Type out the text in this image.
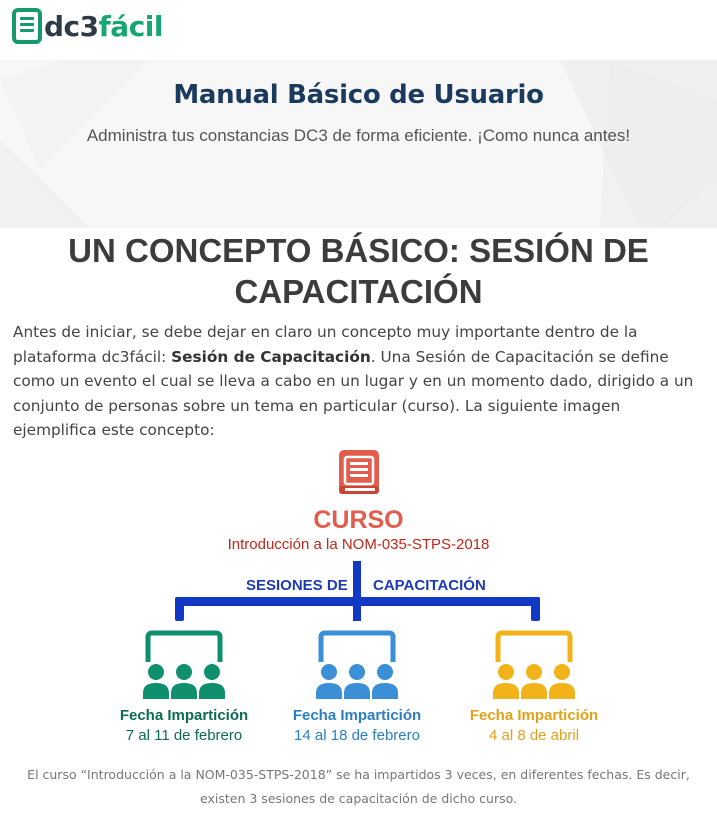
dc3 fácil
Manual Básico de Usuario
Administra tus constancias DC3 de forma eficiente. ¡Como nunca antes!
UN CONCEPTO BÁSICO: SESIÓN DE
CAPACITACIÓN

Antes de iniciar, se debe dejar en claro un concepto muy importante dentro de la plataforma dc3fácil: Sesión de Capacitación. Una Sesión de Capacitación se define como un evento el cual se lleva a cabo en un lugar y en un momento dado, dirigido a un conjunto de personas sobre un tema en particular (curso). La siguiente imagen ejemplifica este concepto:

CURSO
Introducción a la NOM-035-STPS-2018
SESIONES DE CAPACITACIÓN
Fecha Impartición
7 al 11 de febrero
Fecha Impartición
14 al 18 de febrero
Fecha Impartición
4 al 8 de abril
El curso “Introducción a la NOM-035-STPS-2018” se ha impartidos 3 veces, en diferentes fechas. Es decir,
existen 3 sesiones de capacitación de dicho curso.
